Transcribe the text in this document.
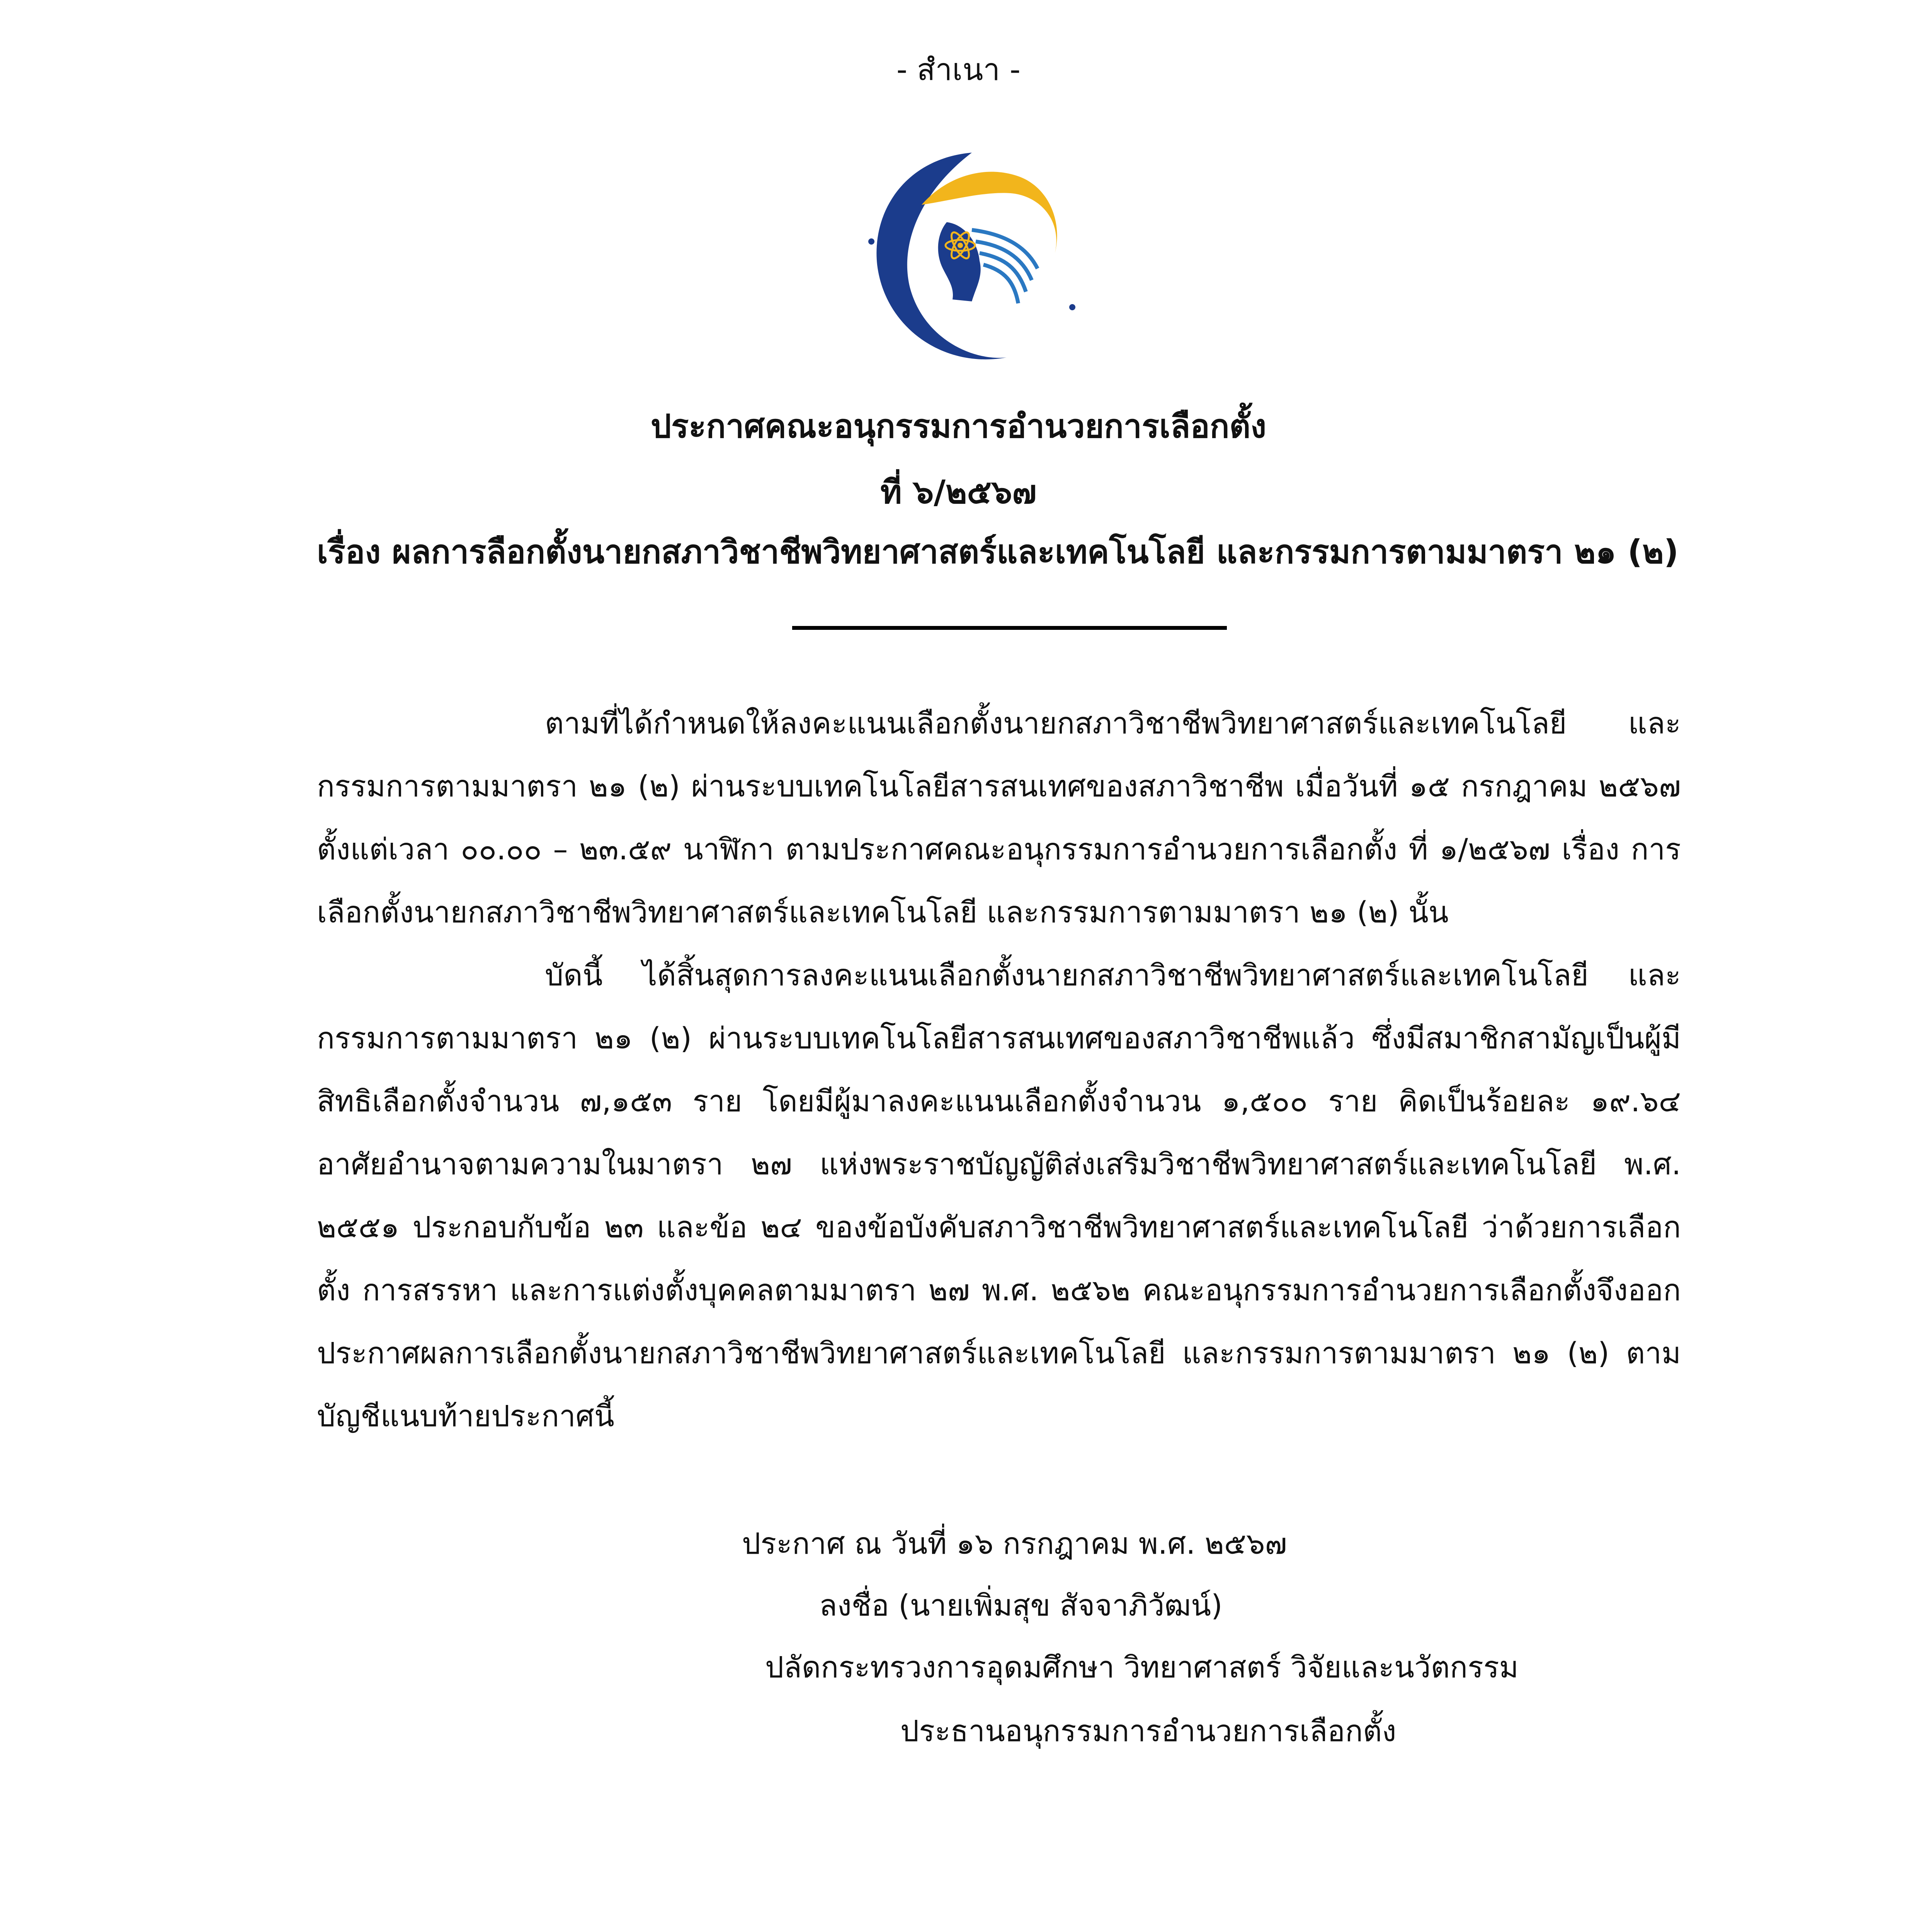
- สำเนา -
ประกาศคณะอนุกรรมการอำนวยการเลือกตั้ง
ที่ ๖/๒๕๖๗
เรื่อง ผลการลือกตั้งนายกสภาวิชาชีพวิทยาศาสตร์และเทคโนโลยี และกรรมการตามมาตรา ๒๑ (๒)

ตามที่ได้กำหนดให้ลงคะแนนเลือกตั้งนายกสภาวิชาชีพวิทยาศาสตร์และเทคโนโลยี และกรรมการตามมาตรา ๒๑ (๒) ผ่านระบบเทคโนโลยีสารสนเทศของสภาวิชาชีพ เมื่อวันที่ ๑๕ กรกฎาคม ๒๕๖๗ ตั้งแต่เวลา ๐๐.๐๐ – ๒๓.๕๙ นาฬิกา ตามประกาศคณะอนุกรรมการอำนวยการเลือกตั้ง ที่ ๑/๒๕๖๗ เรื่อง การเลือกตั้งนายกสภาวิชาชีพวิทยาศาสตร์และเทคโนโลยี และกรรมการตามมาตรา ๒๑ (๒) นั้น

บัดนี้ ได้สิ้นสุดการลงคะแนนเลือกตั้งนายกสภาวิชาชีพวิทยาศาสตร์และเทคโนโลยี และกรรมการตามมาตรา ๒๑ (๒) ผ่านระบบเทคโนโลยีสารสนเทศของสภาวิชาชีพแล้ว ซึ่งมีสมาชิกสามัญเป็นผู้มีสิทธิเลือกตั้งจำนวน ๗,๑๕๓ ราย โดยมีผู้มาลงคะแนนเลือกตั้งจำนวน ๑,๕๐๐ ราย คิดเป็นร้อยละ ๑๙.๖๔ อาศัยอำนาจตามความในมาตรา ๒๗ แห่งพระราชบัญญัติส่งเสริมวิชาชีพวิทยาศาสตร์และเทคโนโลยี พ.ศ. ๒๕๕๑ ประกอบกับข้อ ๒๓ และข้อ ๒๔ ของข้อบังคับสภาวิชาชีพวิทยาศาสตร์และเทคโนโลยี ว่าด้วยการเลือกตั้ง การสรรหา และการแต่งตั้งบุคคลตามมาตรา ๒๗ พ.ศ. ๒๕๖๒ คณะอนุกรรมการอำนวยการเลือกตั้งจึงออกประกาศผลการเลือกตั้งนายกสภาวิชาชีพวิทยาศาสตร์และเทคโนโลยี และกรรมการตามมาตรา ๒๑ (๒) ตามบัญชีแนบท้ายประกาศนี้

ประกาศ ณ วันที่ ๑๖ กรกฎาคม พ.ศ. ๒๕๖๗
ลงชื่อ (นายเพิ่มสุข สัจจาภิวัฒน์)
ปลัดกระทรวงการอุดมศึกษา วิทยาศาสตร์ วิจัยและนวัตกรรม
ประธานอนุกรรมการอำนวยการเลือกตั้ง
